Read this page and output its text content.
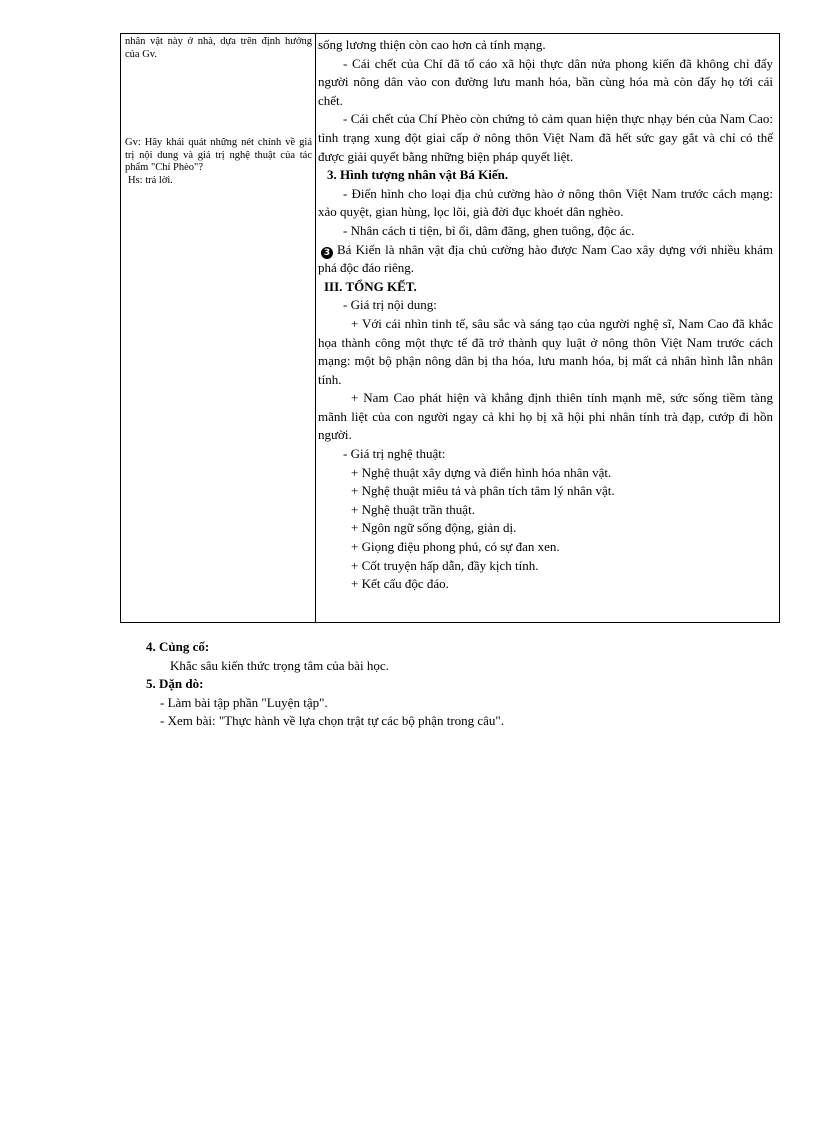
nhân vật này ở nhà, dựa trên định hướng của Gv.

Gv: Hãy khái quát những nét chính về giá trị nội dung và giá trị nghệ thuật của tác phẩm "Chí Phèo"?

Hs: trả lời.

sống lương thiện còn cao hơn cả tính mạng.

- Cái chết của Chí đã tố cáo xã hội thực dân nửa phong kiến đã không chỉ đẩy người nông dân vào con đường lưu manh hóa, bần cùng hóa mà còn đẩy họ tới cái chết.

- Cái chết của Chí Phèo còn chứng tỏ cảm quan hiện thực nhạy bén của Nam Cao: tình trạng xung đột giai cấp ở nông thôn Việt Nam đã hết sức gay gắt và chỉ có thể được giải quyết bằng những biện pháp quyết liệt.

3. Hình tượng nhân vật Bá Kiến.

- Điển hình cho loại địa chủ cường hào ở nông thôn Việt Nam trước cách mạng: xảo quyệt, gian hùng, lọc lõi, già đời đục khoét dân nghèo.

- Nhân cách ti tiện, bỉ ổi, dâm đãng, ghen tuông, độc ác.

3 Bá Kiến là nhân vật địa chủ cường hào được Nam Cao xây dựng với nhiều khám phá độc đáo riêng.

III. TỔNG KẾT.

- Giá trị nội dung:

+ Với cái nhìn tinh tế, sâu sắc và sáng tạo của người nghệ sĩ, Nam Cao đã khắc họa thành công một thực tế đã trở thành quy luật ở nông thôn Việt Nam trước cách mạng: một bộ phận nông dân bị tha hóa, lưu manh hóa, bị mất cả nhân hình lẫn nhân tính.

+ Nam Cao phát hiện và khẳng định thiên tính mạnh mẽ, sức sống tiềm tàng mãnh liệt của con người ngay cả khi họ bị xã hội phi nhân tính trà đạp, cướp đi hồn người.

- Giá trị nghệ thuật:

+ Nghệ thuật xây dựng và điển hình hóa nhân vật.

+ Nghệ thuật miêu tả và phân tích tâm lý nhân vật.

+ Nghệ thuật trần thuật.

+ Ngôn ngữ sống động, giản dị.

+ Giọng điệu phong phú, có sự đan xen.

+ Cốt truyện hấp dẫn, đầy kịch tính.

+ Kết cấu độc đáo.

4. Củng cố:

Khắc sâu kiến thức trọng tâm của bài học.

5. Dặn dò:

- Làm bài tập phần "Luyện tập".

- Xem bài: "Thực hành về lựa chọn trật tự các bộ phận trong câu".
